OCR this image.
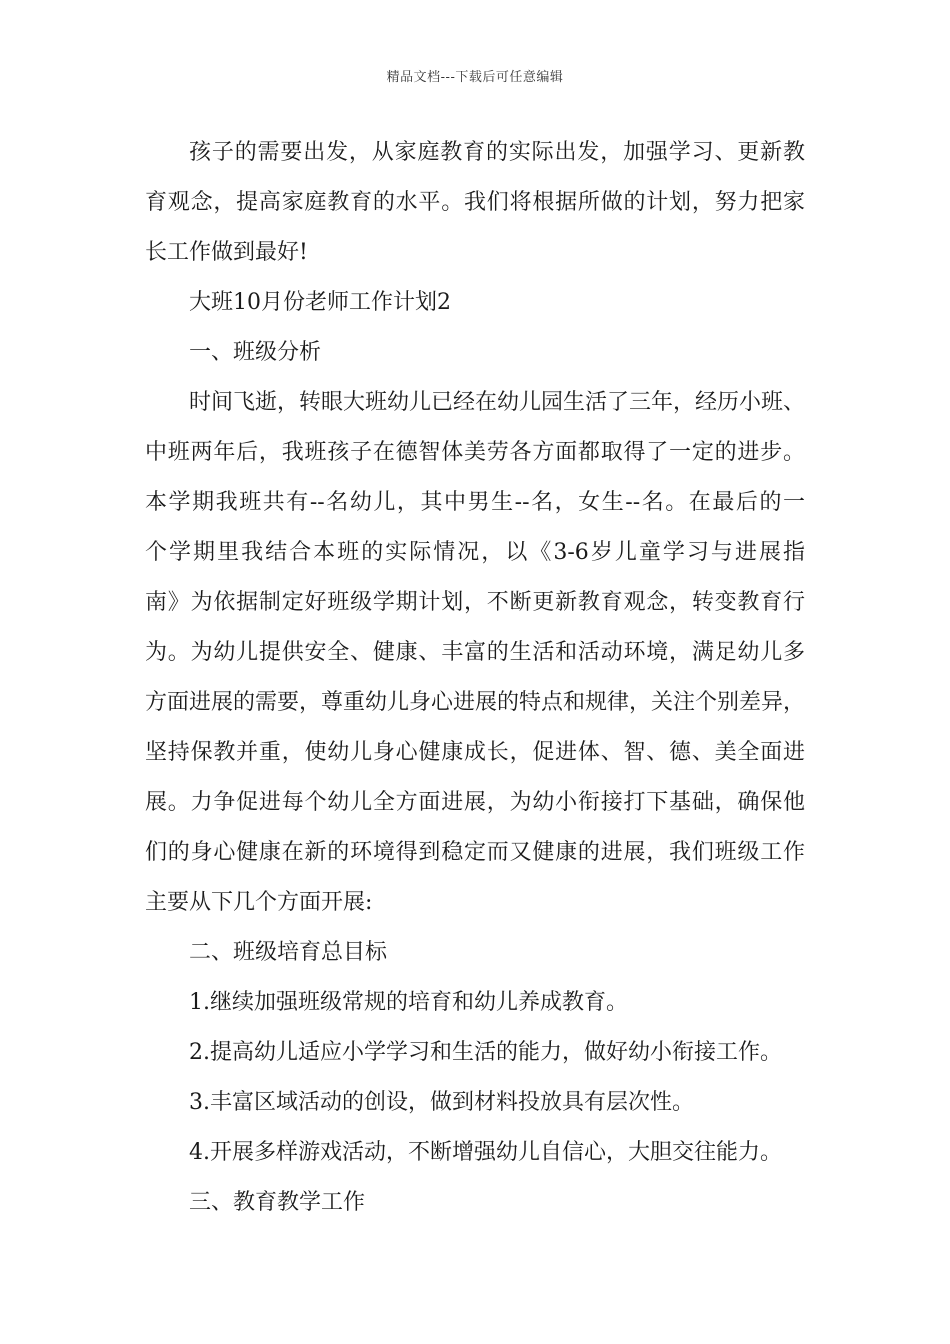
精品文档---下载后可任意编辑
孩子的需要出发，从家庭教育的实际出发，加强学习、更新教
育观念，提高家庭教育的水平。我们将根据所做的计划，努力把家
长工作做到最好!
大班10月份老师工作计划2
一、班级分析
时间飞逝，转眼大班幼儿已经在幼儿园生活了三年，经历小班、
中班两年后，我班孩子在德智体美劳各方面都取得了一定的进步。
本学期我班共有--名幼儿，其中男生--名，女生--名。在最后的一
个学期里我结合本班的实际情况，以《3-6岁儿童学习与进展指
南》为依据制定好班级学期计划，不断更新教育观念，转变教育行
为。为幼儿提供安全、健康、丰富的生活和活动环境，满足幼儿多
方面进展的需要，尊重幼儿身心进展的特点和规律，关注个别差异，
坚持保教并重，使幼儿身心健康成长，促进体、智、德、美全面进
展。力争促进每个幼儿全方面进展，为幼小衔接打下基础，确保他
们的身心健康在新的环境得到稳定而又健康的进展，我们班级工作
主要从下几个方面开展:
二、班级培育总目标
1.继续加强班级常规的培育和幼儿养成教育。
2.提高幼儿适应小学学习和生活的能力，做好幼小衔接工作。
3.丰富区域活动的创设，做到材料投放具有层次性。
4.开展多样游戏活动，不断增强幼儿自信心，大胆交往能力。
三、教育教学工作
